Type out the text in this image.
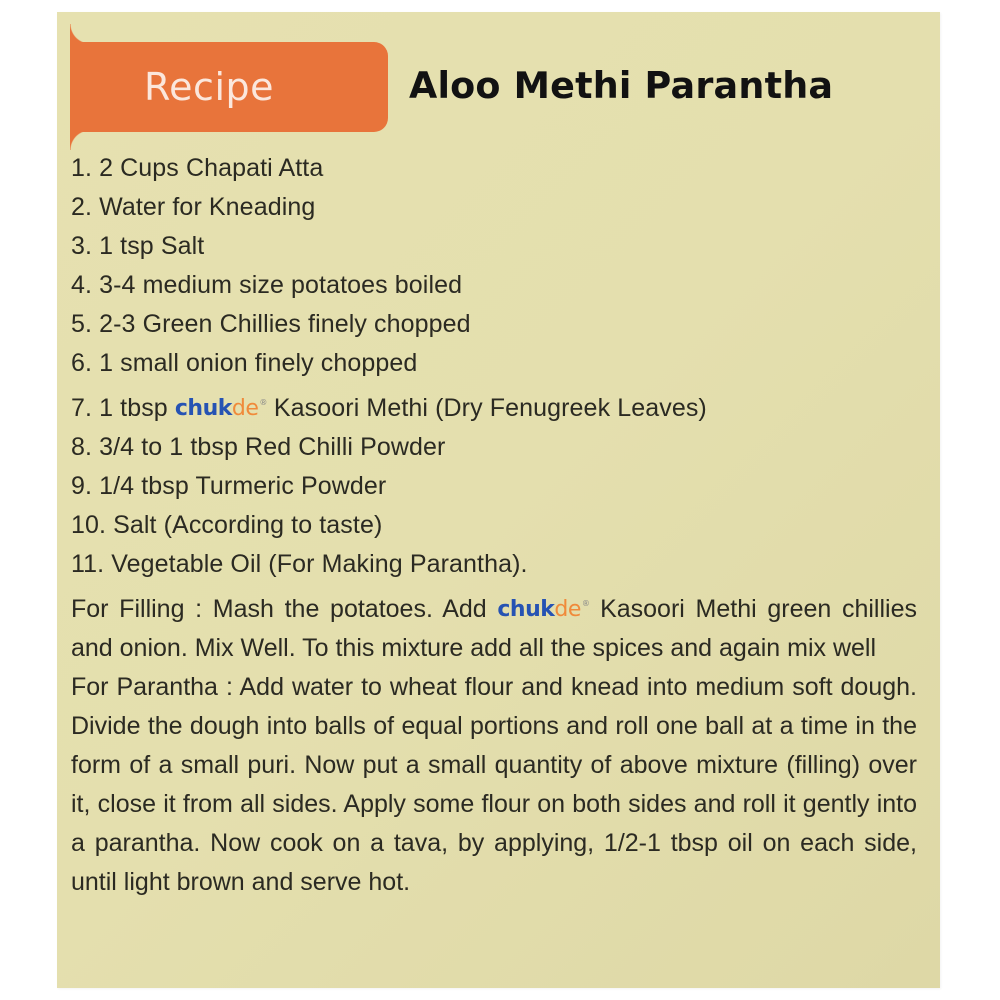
Recipe	Aloo Methi Parantha
1. 2 Cups Chapati Atta
2. Water for Kneading
3. 1 tsp Salt
4. 3-4 medium size potatoes boiled
5. 2-3 Green Chillies finely chopped
6. 1 small onion finely chopped
7. 1 tbsp chukde® Kasoori Methi (Dry Fenugreek Leaves)
8. 3/4 to 1 tbsp Red Chilli Powder
9. 1/4 tbsp Turmeric Powder
10. Salt (According to taste)
11. Vegetable Oil (For Making Parantha).
For Filling : Mash the potatoes. Add chukde® Kasoori Methi green chillies and onion. Mix Well. To this mixture add all the spices and again mix well
For Parantha : Add water to wheat flour and knead into medium soft dough. Divide the dough into balls of equal portions and roll one ball at a time in the form of a small puri. Now put a small quantity of above mixture (filling) over it, close it from all sides. Apply some flour on both sides and roll it gently into a parantha. Now cook on a tava, by applying, 1/2-1 tbsp oil on each side, until light brown and serve hot.
